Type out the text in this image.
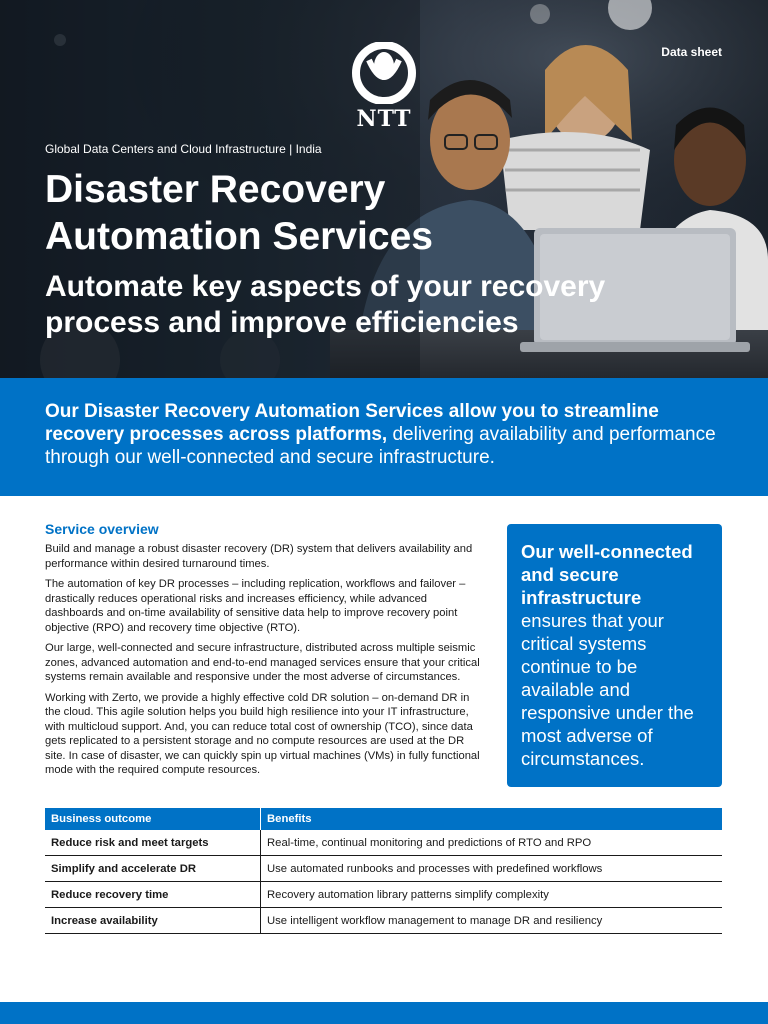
NTT
Data sheet
Global Data Centers and Cloud Infrastructure | India
Disaster Recovery Automation Services
Automate key aspects of your recovery process and improve efficiencies

Our Disaster Recovery Automation Services allow you to streamline recovery processes across platforms, delivering availability and performance through our well-connected and secure infrastructure.

Service overview

Build and manage a robust disaster recovery (DR) system that delivers availability and performance within desired turnaround times.

The automation of key DR processes – including replication, workflows and failover –drastically reduces operational risks and increases efficiency, while advanced dashboards and on-time availability of sensitive data help to improve recovery point objective (RPO) and recovery time objective (RTO).

Our large, well-connected and secure infrastructure, distributed across multiple seismic zones, advanced automation and end-to-end managed services ensure that your critical systems remain available and responsive under the most adverse of circumstances.

Working with Zerto, we provide a highly effective cold DR solution – on-demand DR in the cloud. This agile solution helps you build high resilience into your IT infrastructure, with multicloud support. And, you can reduce total cost of ownership (TCO), since data gets replicated to a persistent storage and no compute resources are used at the DR site. In case of disaster, we can quickly spin up virtual machines (VMs) in fully functional mode with the required compute resources.

Our well-connected and secure infrastructure ensures that your critical systems continue to be available and responsive under the most adverse of circumstances.
Business outcome	Benefits
Reduce risk and meet targets	Real-time, continual monitoring and predictions of RTO and RPO
Simplify and accelerate DR	Use automated runbooks and processes with predefined workflows
Reduce recovery time	Recovery automation library patterns simplify complexity
Increase availability	Use intelligent workflow management to manage DR and resiliency
